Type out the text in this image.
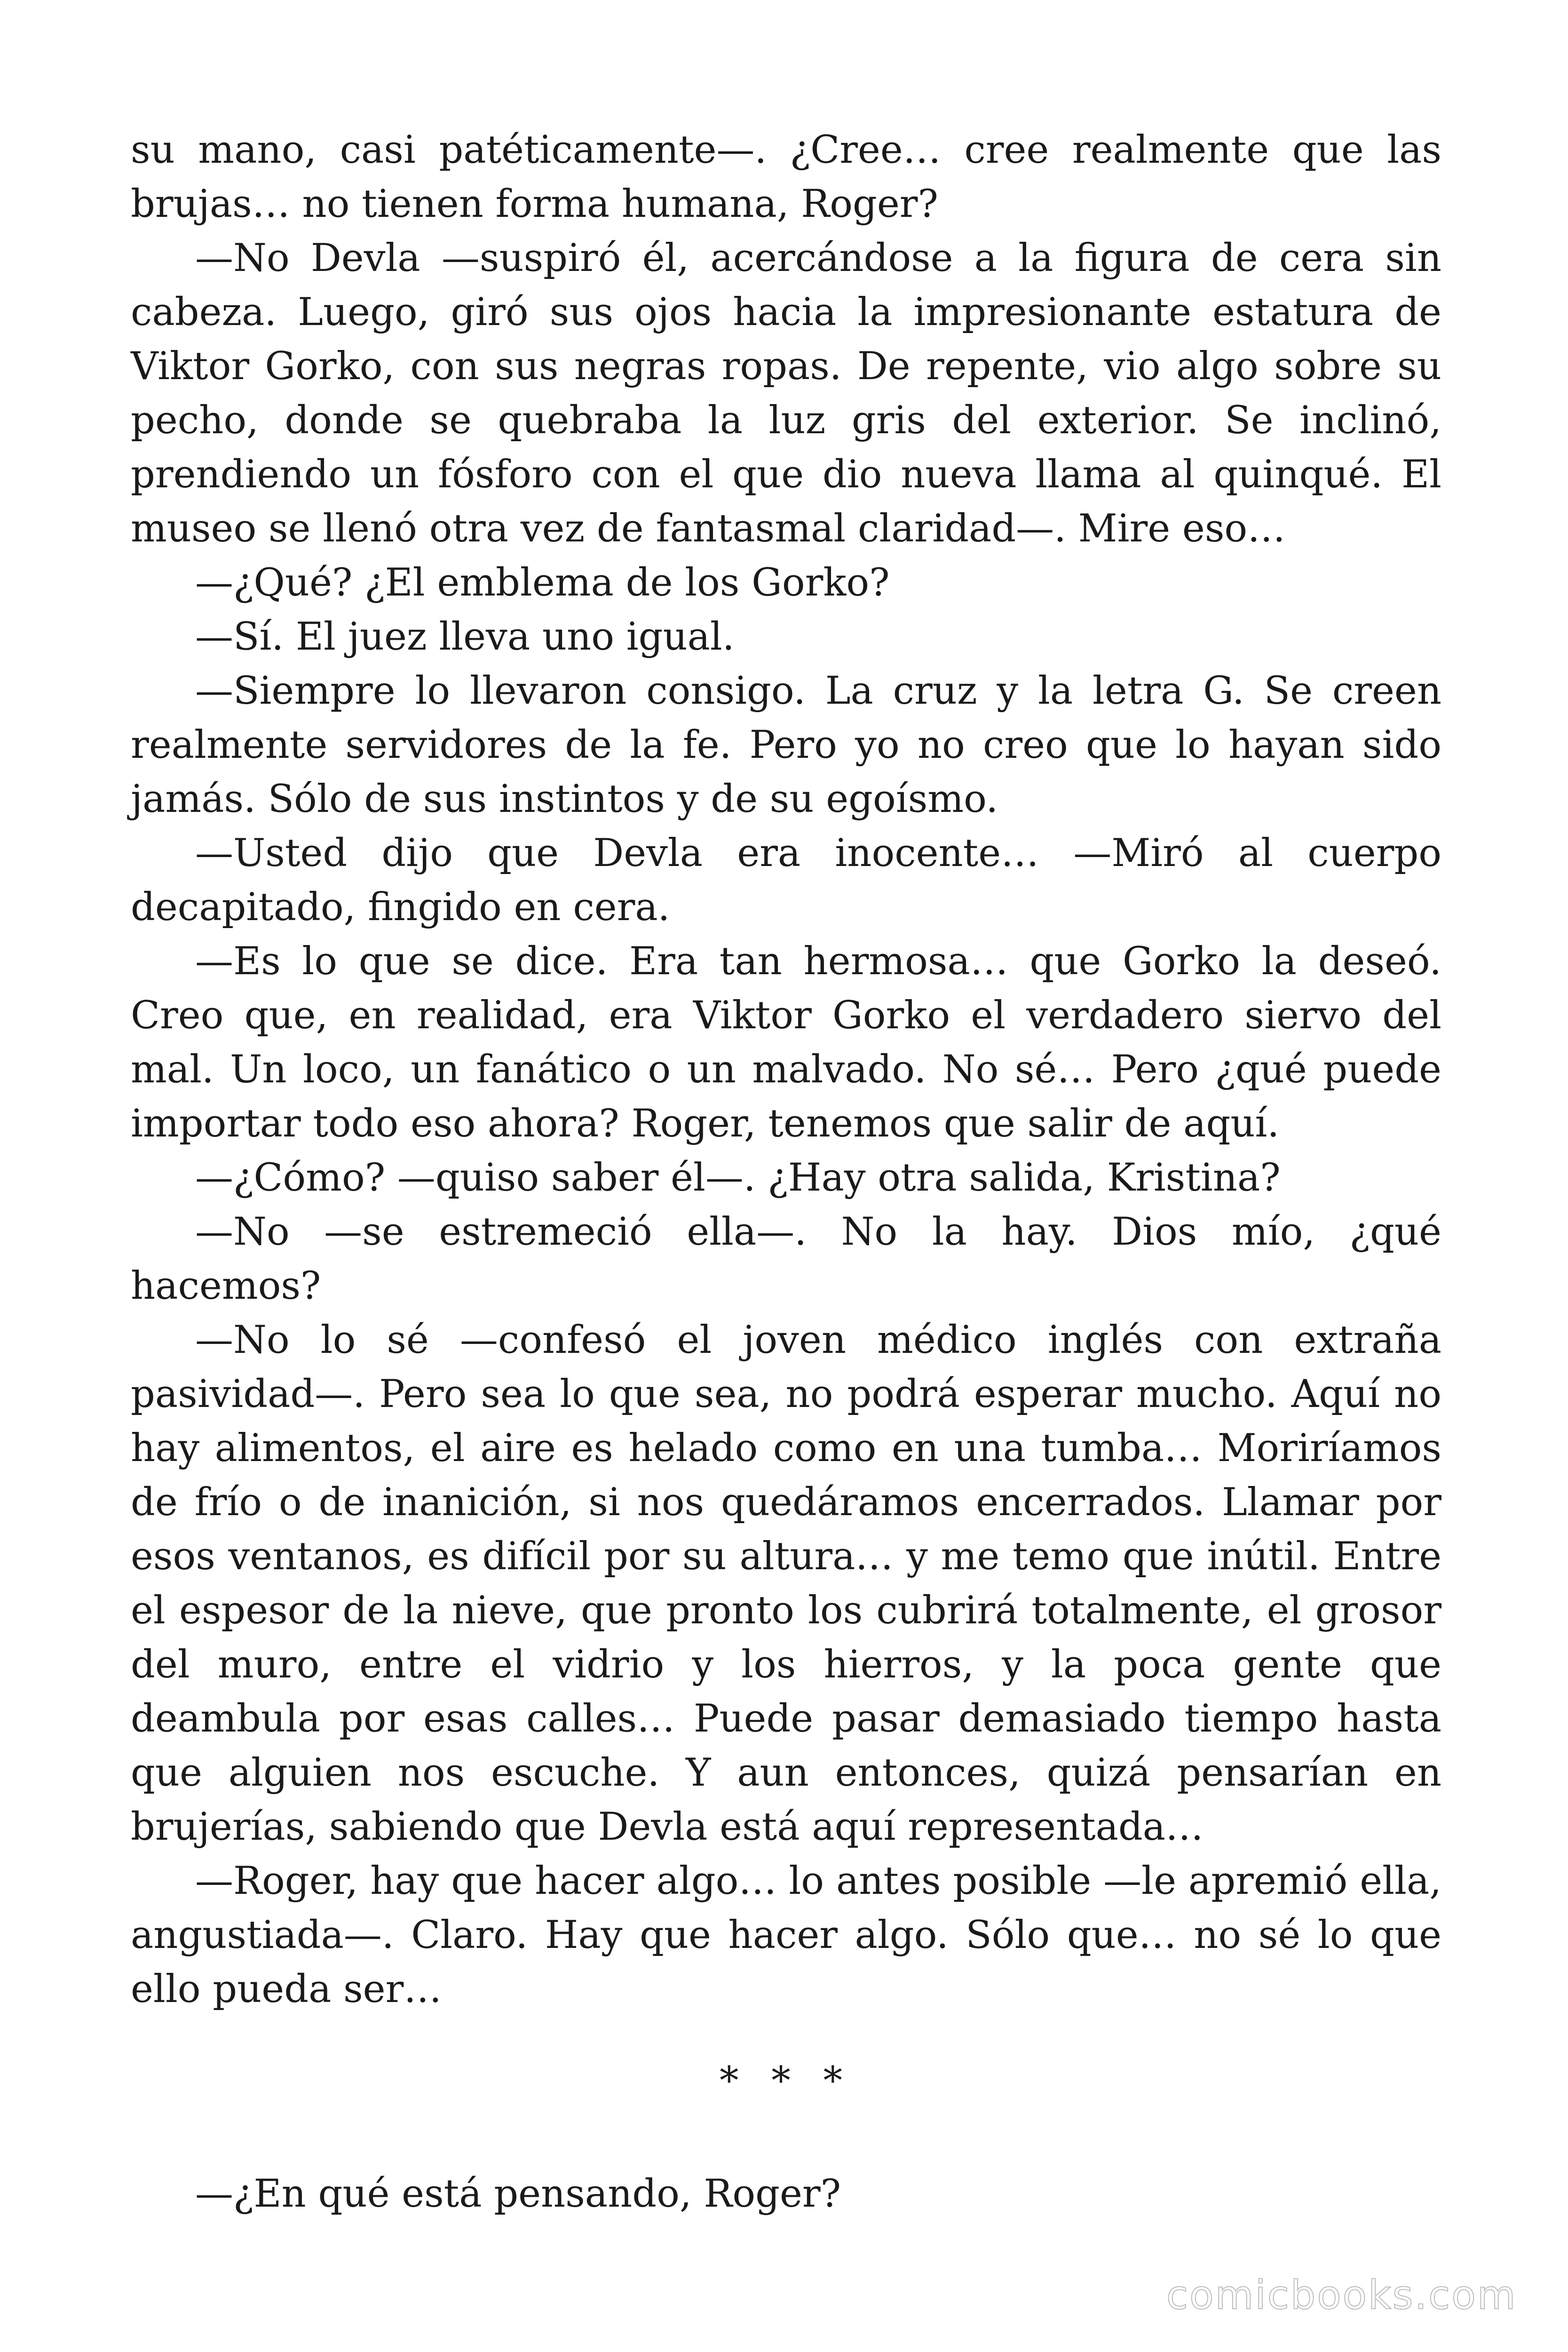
su mano, casi patéticamente—. ¿Cree… cree realmente que las brujas… no tienen forma humana, Roger?

—No Devla —suspiró él, acercándose a la figura de cera sin cabeza. Luego, giró sus ojos hacia la impresionante estatura de Viktor Gorko, con sus negras ropas. De repente, vio algo sobre su pecho, donde se quebraba la luz gris del exterior. Se inclinó, prendiendo un fósforo con el que dio nueva llama al quinqué. El museo se llenó otra vez de fantasmal claridad—. Mire eso…

—¿Qué? ¿El emblema de los Gorko?

—Sí. El juez lleva uno igual.

—Siempre lo llevaron consigo. La cruz y la letra G. Se creen realmente servidores de la fe. Pero yo no creo que lo hayan sido jamás. Sólo de sus instintos y de su egoísmo.

—Usted dijo que Devla era inocente… —Miró al cuerpo decapitado, fingido en cera.

—Es lo que se dice. Era tan hermosa… que Gorko la deseó. Creo que, en realidad, era Viktor Gorko el verdadero siervo del mal. Un loco, un fanático o un malvado. No sé… Pero ¿qué puede importar todo eso ahora? Roger, tenemos que salir de aquí.

—¿Cómo? —quiso saber él—. ¿Hay otra salida, Kristina?

—No —se estremeció ella—. No la hay. Dios mío, ¿qué hacemos?

—No lo sé —confesó el joven médico inglés con extraña pasividad—. Pero sea lo que sea, no podrá esperar mucho. Aquí no hay alimentos, el aire es helado como en una tumba… Moriríamos de frío o de inanición, si nos quedáramos encerrados. Llamar por esos ventanos, es difícil por su altura… y me temo que inútil. Entre el espesor de la nieve, que pronto los cubrirá totalmente, el grosor del muro, entre el vidrio y los hierros, y la poca gente que deambula por esas calles… Puede pasar demasiado tiempo hasta que alguien nos escuche. Y aun entonces, quizá pensarían en brujerías, sabiendo que Devla está aquí representada…

—Roger, hay que hacer algo… lo antes posible —le apremió ella, angustiada—. Claro. Hay que hacer algo. Sólo que… no sé lo que ello pueda ser…

* * *

—¿En qué está pensando, Roger?

comicbooks.com
